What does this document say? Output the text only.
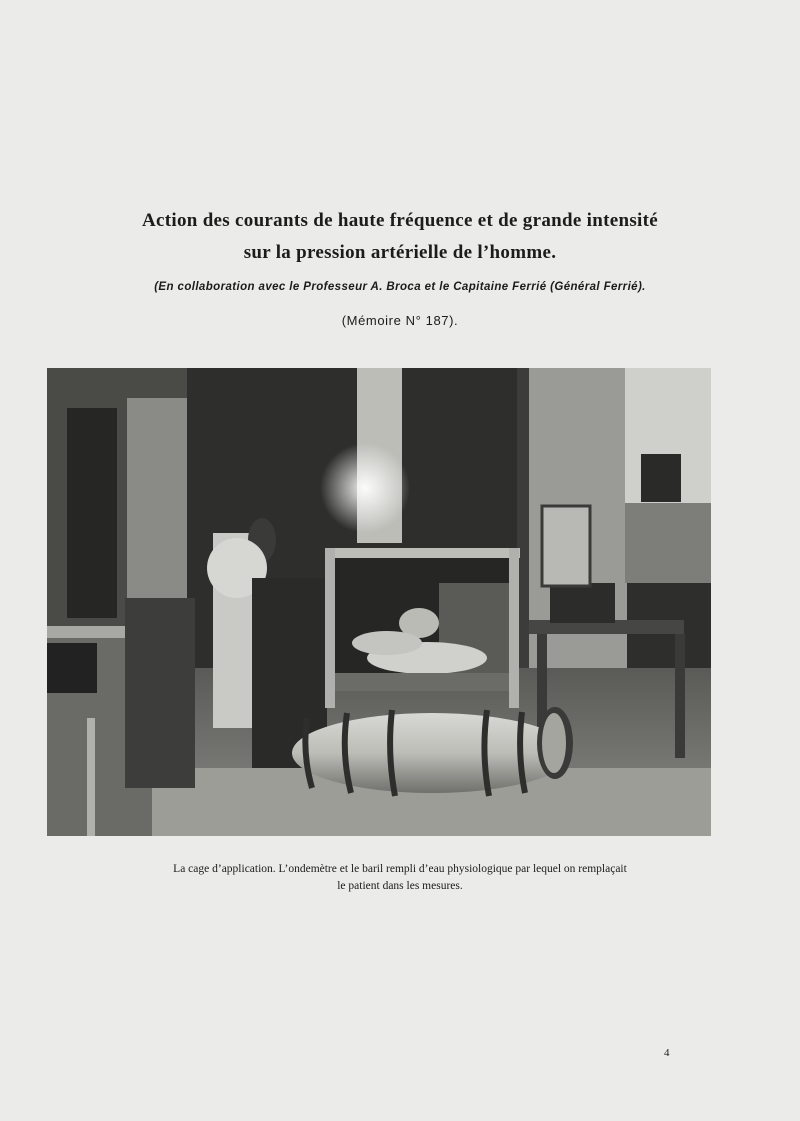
Action des courants de haute fréquence et de grande intensité
sur la pression artérielle de l’homme.
(En collaboration avec le Professeur A. Broca et le Capitaine Ferrié (Général Ferrié).
(Mémoire N° 187).
La cage d’application. L’ondemètre et le baril rempli d’eau physiologique par lequel on remplaçait
le patient dans les mesures.
4
